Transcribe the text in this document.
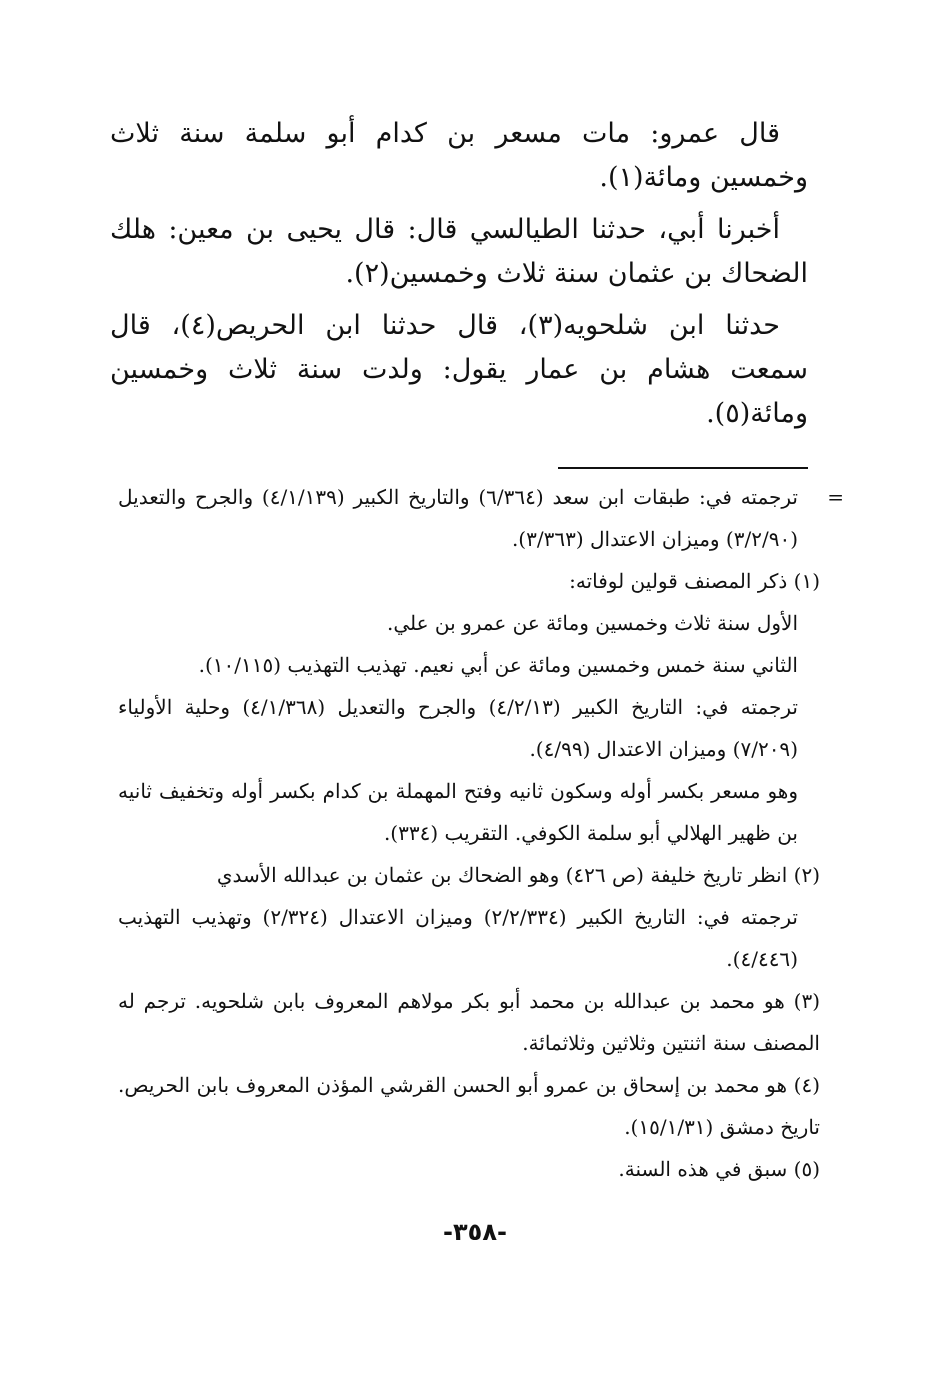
قال عمرو: مات مسعر بن كدام أبو سلمة سنة ثلاث وخمسين ومائة(١).

أخبرنا أبي، حدثنا الطيالسي قال: قال يحيى بن معين: هلك الضحاك بن عثمان سنة ثلاث وخمسين(٢).

حدثنا ابن شلحويه(٣)، قال حدثنا ابن الحريص(٤)، قال سمعت هشام بن عمار يقول: ولدت سنة ثلاث وخمسين ومائة(٥).

=
ترجمته في: طبقات ابن سعد (٦/٣٦٤) والتاريخ الكبير (٤/١/١٣٩) والجرح والتعديل (٣/٢/٩٠) وميزان الاعتدال (٣/٣٦٣).

(١) ذكر المصنف قولين لوفاته:

الأول سنة ثلاث وخمسين ومائة عن عمرو بن علي.

الثاني سنة خمس وخمسين ومائة عن أبي نعيم. تهذيب التهذيب (١٠/١١٥).

ترجمته في: التاريخ الكبير (٤/٢/١٣) والجرح والتعديل (٤/١/٣٦٨) وحلية الأولياء (٧/٢٠٩) وميزان الاعتدال (٤/٩٩).

وهو مسعر بكسر أوله وسكون ثانيه وفتح المهملة بن كدام بكسر أوله وتخفيف ثانيه بن ظهير الهلالي أبو سلمة الكوفي. التقريب (٣٣٤).

(٢) انظر تاريخ خليفة (ص ٤٢٦) وهو الضحاك بن عثمان بن عبدالله الأسدي

ترجمته في: التاريخ الكبير (٢/٢/٣٣٤) وميزان الاعتدال (٢/٣٢٤) وتهذيب التهذيب (٤/٤٤٦).

(٣) هو محمد بن عبدالله بن محمد أبو بكر مولاهم المعروف بابن شلحويه. ترجم له المصنف سنة اثنتين وثلاثين وثلاثمائة.

(٤) هو محمد بن إسحاق بن عمرو أبو الحسن القرشي المؤذن المعروف بابن الحريص. تاريخ دمشق (١٥/١/٣١).

(٥) سبق في هذه السنة.

-٣٥٨-
